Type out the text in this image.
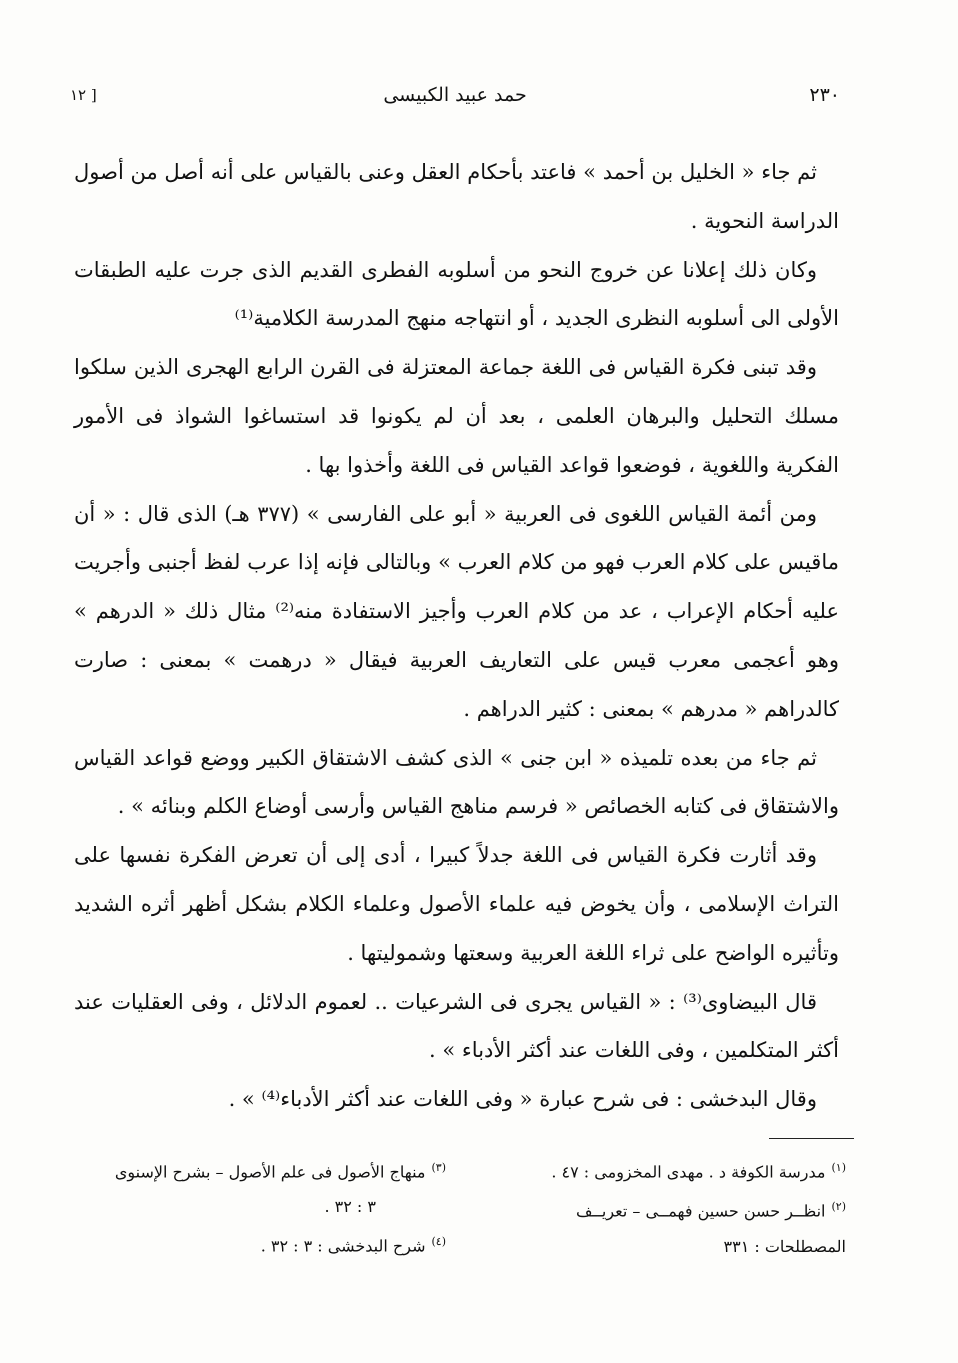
٢٣٠
حمد عبيد الكبيسى
[ ١٢

ثم جاء « الخليل بن أحمد » فاعتد بأحكام العقل وعنى بالقياس على أنه أصل من أصول الدراسة النحوية .

وكان ذلك إعلانا عن خروج النحو من أسلوبه الفطرى القديم الذى جرت عليه الطبقات الأولى الى أسلوبه النظرى الجديد ، أو انتهاجه منهج المدرسة الكلامية⁽¹⁾

وقد تبنى فكرة القياس فى اللغة جماعة المعتزلة فى القرن الرابع الهجرى الذين سلكوا مسلك التحليل والبرهان العلمى ، بعد أن لم يكونوا قد استساغوا الشواذ فى الأمور الفكرية واللغوية ، فوضعوا قواعد القياس فى اللغة وأخذوا بها .

ومن أئمة القياس اللغوى فى العربية « أبو على الفارسى » (٣٧٧ هـ) الذى قال : « أن ماقيس على كلام العرب فهو من كلام العرب » وبالتالى فإنه إذا عرب لفظ أجنبى وأجريت عليه أحكام الإعراب ، عد من كلام العرب وأجيز الاستفادة منه⁽²⁾ مثال ذلك « الدرهم » وهو أعجمى معرب قيس على التعاريف العربية فيقال « درهمت » بمعنى : صارت كالدراهم « مدرهم » بمعنى : كثير الدراهم .

ثم جاء من بعده تلميذه « ابن جنى » الذى كشف الاشتقاق الكبير ووضع قواعد القياس والاشتقاق فى كتابه الخصائص « فرسم مناهج القياس وأرسى أوضاع الكلم وبنائه » .

وقد أثارت فكرة القياس فى اللغة جدلاً كبيرا ، أدى إلى أن تعرض الفكرة نفسها على التراث الإسلامى ، وأن يخوض فيه علماء الأصول وعلماء الكلام بشكل أظهر أثره الشديد وتأثيره الواضح على ثراء اللغة العربية وسعتها وشموليتها .

قال البيضاوى⁽³⁾ : « القياس يجرى فى الشرعيات .. لعموم الدلائل ، وفى العقليات عند أكثر المتكلمين ، وفى اللغات عند أكثر الأدباء » .

وقال البدخشى : فى شرح عبارة « وفى اللغات عند أكثر الأدباء⁽⁴⁾ » .

$^{(١)}$مدرسة الكوفة د . مهدى المخزومى : ٤٧ .
$^{(٢)}$انظــر حسن حسين فهمــى – تعريــف
المصطلحات : ٣٣١
$^{(٣)}$منهاج الأصول فى علم الأصول – بشرح الإسنوى
٣ : ٣٢ .
$^{(٤)}$شرح البدخشى : ٣ : ٣٢ .
